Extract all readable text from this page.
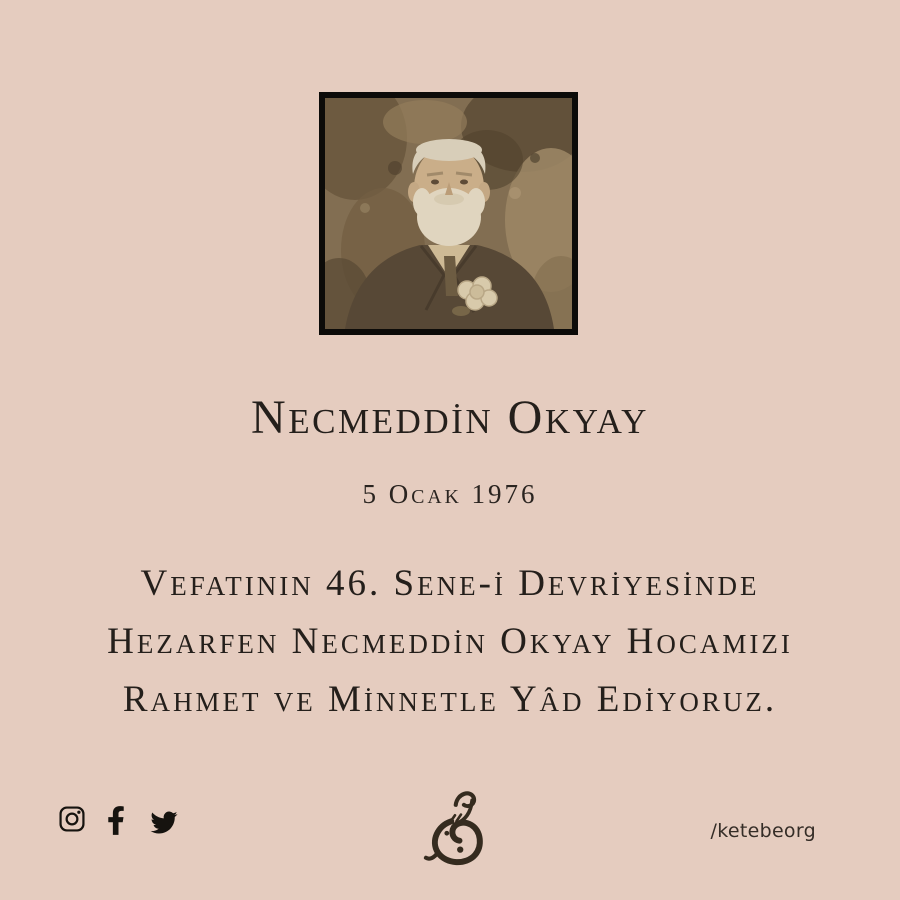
NECMEDDİN OKYAY
5 OCAK 1976
VEFATININ 46. SENE-İ DEVRİYESİNDE
HEZARFEN NECMEDDİN OKYAY HOCAMIZI
RAHMET VE MİNNETLE YÂD EDİYORUZ.
/ketebeorg
